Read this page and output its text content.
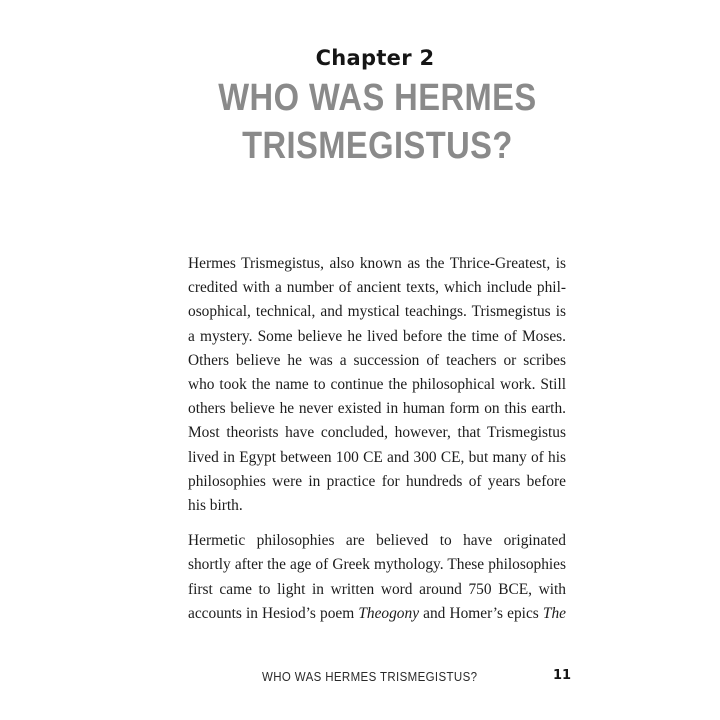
Chapter 2
WHO WAS HERMES
TRISMEGISTUS?

Hermes Trismegistus, also known as the Thrice-Greatest, is
credited with a number of ancient texts, which include phil-
osophical, technical, and mystical teachings. Trismegistus is
a mystery. Some believe he lived before the time of Moses.
Others believe he was a succession of teachers or scribes
who took the name to continue the philosophical work. Still
others believe he never existed in human form on this earth.
Most theorists have concluded, however, that Trismegistus
lived in Egypt between 100 CE and 300 CE, but many of his
philosophies were in practice for hundreds of years before
his birth.

Hermetic philosophies are believed to have originated
shortly after the age of Greek mythology. These philosophies
first came to light in written word around 750 BCE, with
accounts in Hesiod’s poem Theogony and Homer’s epics The

WHO WAS HERMES TRISMEGISTUS?	11
